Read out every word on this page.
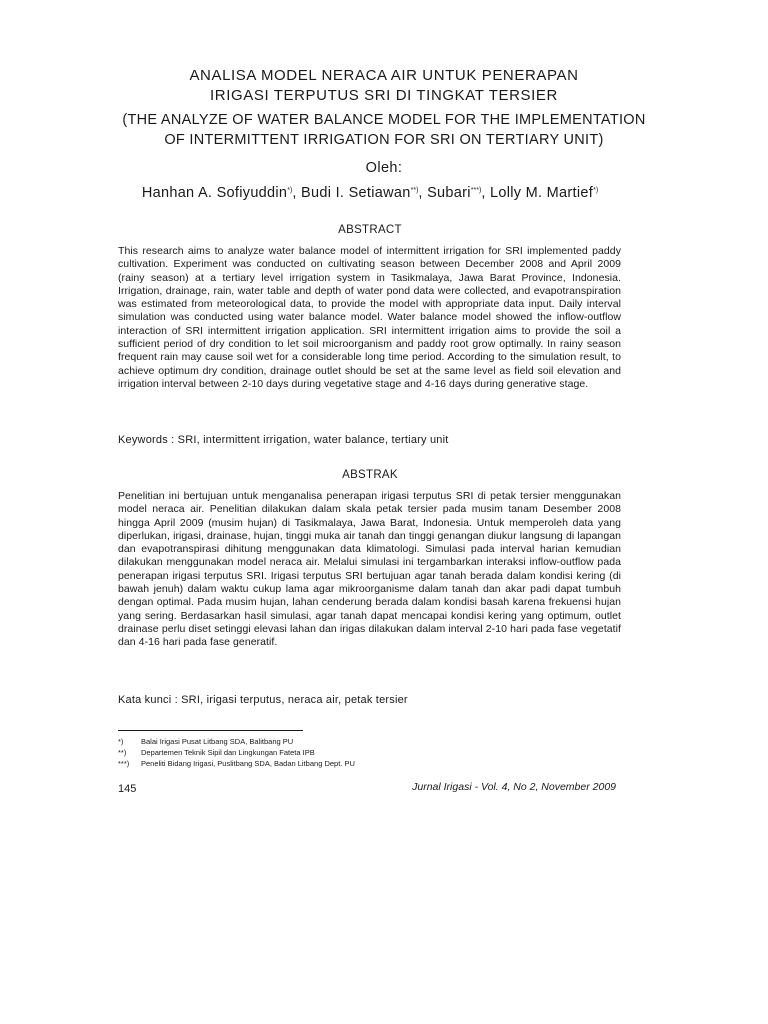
ANALISA MODEL NERACA AIR UNTUK PENERAPAN
IRIGASI TERPUTUS SRI DI TINGKAT TERSIER
(THE ANALYZE OF WATER BALANCE MODEL FOR THE IMPLEMENTATION
OF INTERMITTENT IRRIGATION FOR SRI ON TERTIARY UNIT)
Oleh:
Hanhan A. Sofiyuddin*), Budi I. Setiawan**), Subari***), Lolly M. Martief*)
ABSTRACT

This research aims to analyze water balance model of intermittent irrigation for SRI implemented paddy cultivation. Experiment was conducted on cultivating season between December 2008 and April 2009 (rainy season) at a tertiary level irrigation system in Tasikmalaya, Jawa Barat Province, Indonesia. Irrigation, drainage, rain, water table and depth of water pond data were collected, and evapotranspiration was estimated from meteorological data, to provide the model with appropriate data input. Daily interval simulation was conducted using water balance model. Water balance model showed the inflow-outflow interaction of SRI intermittent irrigation application. SRI intermittent irrigation aims to provide the soil a sufficient period of dry condition to let soil microorganism and paddy root grow optimally. In rainy season frequent rain may cause soil wet for a considerable long time period. According to the simulation result, to achieve optimum dry condition, drainage outlet should be set at the same level as field soil elevation and irrigation interval between 2-10 days during vegetative stage and 4-16 days during generative stage.

Keywords : SRI, intermittent irrigation, water balance, tertiary unit
ABSTRAK

Penelitian ini bertujuan untuk menganalisa penerapan irigasi terputus SRI di petak tersier menggunakan model neraca air. Penelitian dilakukan dalam skala petak tersier pada musim tanam Desember 2008 hingga April 2009 (musim hujan) di Tasikmalaya, Jawa Barat, Indonesia. Untuk memperoleh data yang diperlukan, irigasi, drainase, hujan, tinggi muka air tanah dan tinggi genangan diukur langsung di lapangan dan evapotranspirasi dihitung menggunakan data klimatologi. Simulasi pada interval harian kemudian dilakukan menggunakan model neraca air. Melalui simulasi ini tergambarkan interaksi inflow-outflow pada penerapan irigasi terputus SRI. Irigasi terputus SRI bertujuan agar tanah berada dalam kondisi kering (di bawah jenuh) dalam waktu cukup lama agar mikroorganisme dalam tanah dan akar padi dapat tumbuh dengan optimal. Pada musim hujan, lahan cenderung berada dalam kondisi basah karena frekuensi hujan yang sering. Berdasarkan hasil simulasi, agar tanah dapat mencapai kondisi kering yang optimum, outlet drainase perlu diset setinggi elevasi lahan dan irigas dilakukan dalam interval 2-10 hari pada fase vegetatif dan 4-16 hari pada fase generatif.

Kata kunci : SRI, irigasi terputus, neraca air, petak tersier
*)	Balai Irigasi Pusat Litbang SDA, Balitbang PU
**)	Departemen Teknik Sipil dan Lingkungan Fateta IPB
***)	Peneliti Bidang Irigasi, Puslitbang SDA, Badan Litbang Dept. PU
145	Jurnal Irigasi - Vol. 4, No 2, November 2009
